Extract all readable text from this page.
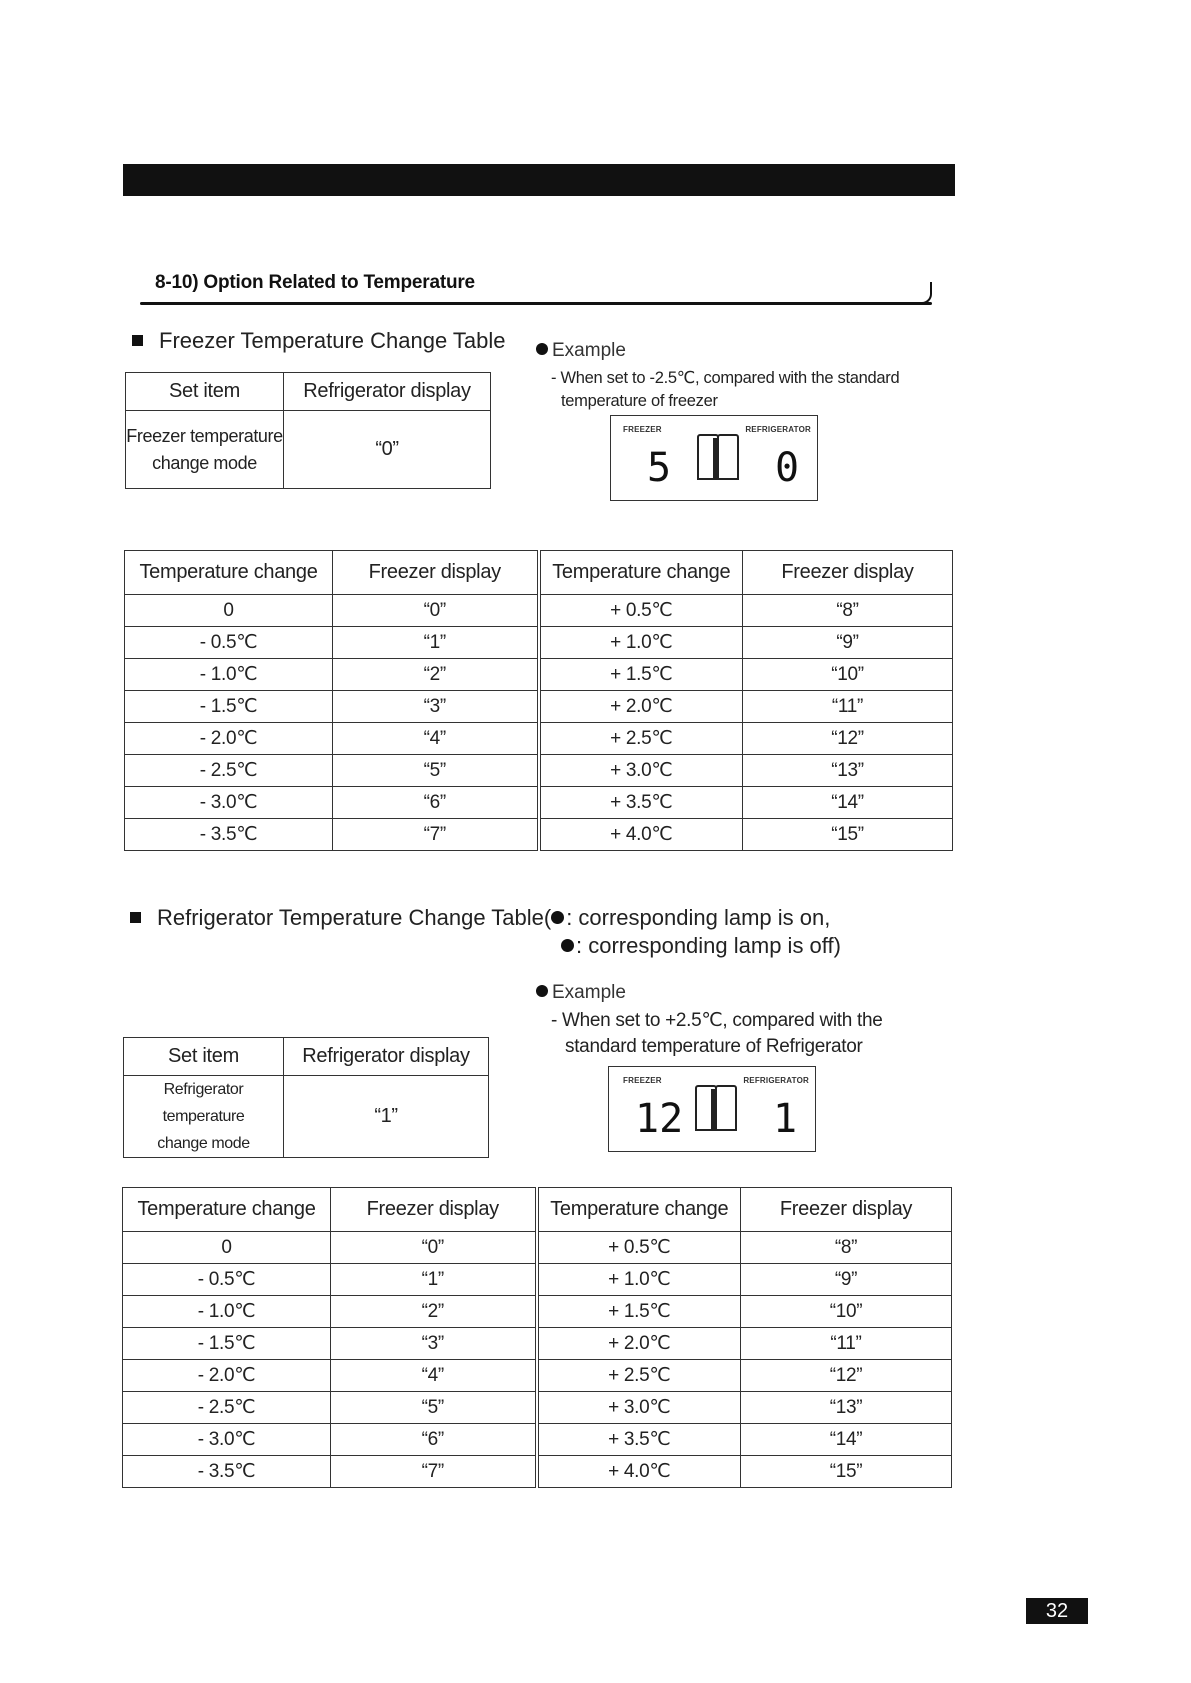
8-10) Option Related to Temperature
Freezer Temperature Change Table
Set item	Refrigerator display

Freezer temperature
change mode	“0”
Example
- When set to -2.5℃, compared with the standard
temperature of freezer
FREEZER	REFRIGERATOR
5	0
Temperature change	Freezer display	Temperature change	Freezer display
0	“0”	+ 0.5℃	“8”
- 0.5℃	“1”	+ 1.0℃	“9”
- 1.0℃	“2”	+ 1.5℃	“10”
- 1.5℃	“3”	+ 2.0℃	“11”
- 2.0℃	“4”	+ 2.5℃	“12”
- 2.5℃	“5”	+ 3.0℃	“13”
- 3.0℃	“6”	+ 3.5℃	“14”
- 3.5℃	“7”	+ 4.0℃	“15”
Refrigerator Temperature Change Table( : corresponding lamp is on,
: corresponding lamp is off)
Example
- When set to +2.5℃, compared with the
standard temperature of Refrigerator
Set item	Refrigerator display

Refrigerator temperature
change mode	“1”
FREEZER	REFRIGERATOR
12 1
Temperature change	Freezer display	Temperature change	Freezer display
0	“0”	+ 0.5℃	“8”
- 0.5℃	“1”	+ 1.0℃	“9”
- 1.0℃	“2”	+ 1.5℃	“10”
- 1.5℃	“3”	+ 2.0℃	“11”
- 2.0℃	“4”	+ 2.5℃	“12”
- 2.5℃	“5”	+ 3.0℃	“13”
- 3.0℃	“6”	+ 3.5℃	“14”
- 3.5℃	“7”	+ 4.0℃	“15”
32
